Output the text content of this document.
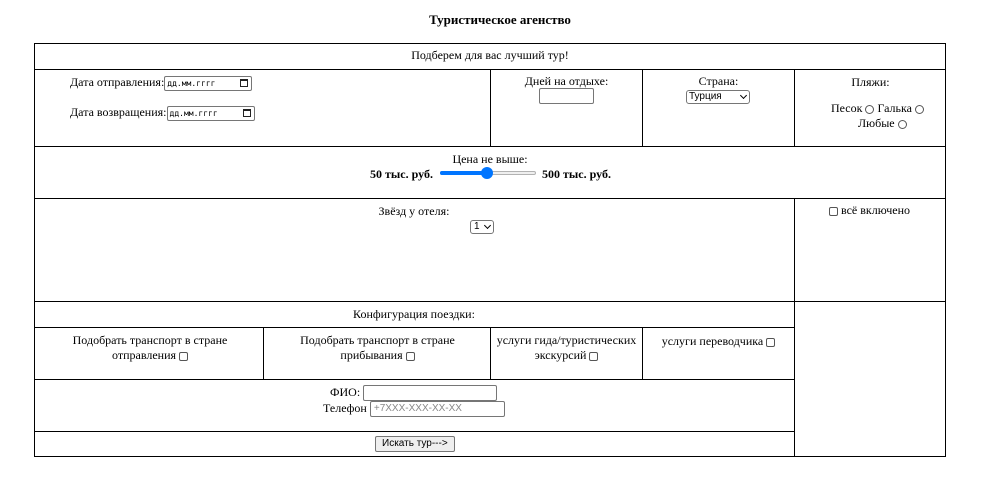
Туристическое агенство
Подберем для вас лучший тур!
Дата отправления: дд.мм.гггг
Дата возвращения: дд.мм.гггг
Дней на отдыхе:	Страна:
Турция

Пляжи:
Песок Галька
Любые
Цена не выше:
50 тыс. руб.	500 тыс. руб.
Звёзд у отеля:
1
всё включено
Конфигурация поездки:
Подобрать транспорт в стране отправления
Подобрать транспорт в стране прибывания
услуги гида/туристических экскурсий
услуги переводчика
ФИО:
Телефон +7XXX-XXX-XX-XX
Искать тур--->
